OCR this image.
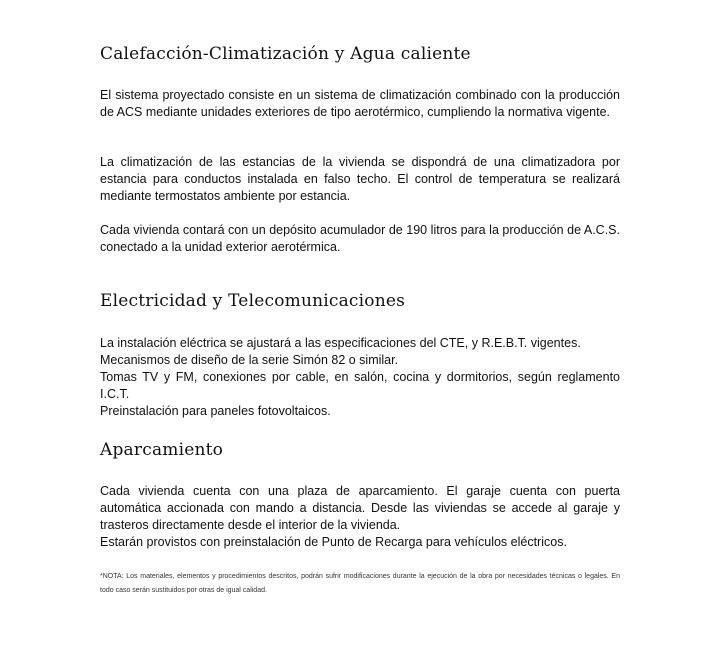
Calefacción-Climatización y Agua caliente

El sistema proyectado consiste en un sistema de climatización combinado con la producción de ACS mediante unidades exteriores de tipo aerotérmico, cumpliendo la normativa vigente.

La climatización de las estancias de la vivienda se dispondrá de una climatizadora por estancia para conductos instalada en falso techo. El control de temperatura se realizará mediante termostatos ambiente por estancia.

Cada vivienda contará con un depósito acumulador de 190 litros para la producción de A.C.S. conectado a la unidad exterior aerotérmica.

Electricidad y Telecomunicaciones

La instalación eléctrica se ajustará a las especificaciones del CTE, y R.E.B.T. vigentes.

Mecanismos de diseño de la serie Simón 82 o similar.

Tomas TV y FM, conexiones por cable, en salón, cocina y dormitorios, según reglamento I.C.T.

Preinstalación para paneles fotovoltaicos.

Aparcamiento

Cada vivienda cuenta con una plaza de aparcamiento. El garaje cuenta con puerta automática accionada con mando a distancia. Desde las viviendas se accede al garaje y trasteros directamente desde el interior de la vivienda.

Estarán provistos con preinstalación de Punto de Recarga para vehículos eléctricos.

*NOTA: Los materiales, elementos y procedimientos descritos, podrán sufrir modificaciones durante la ejecución de la obra por necesidades técnicas o legales. En todo caso serán sustituidos por otras de igual calidad.
